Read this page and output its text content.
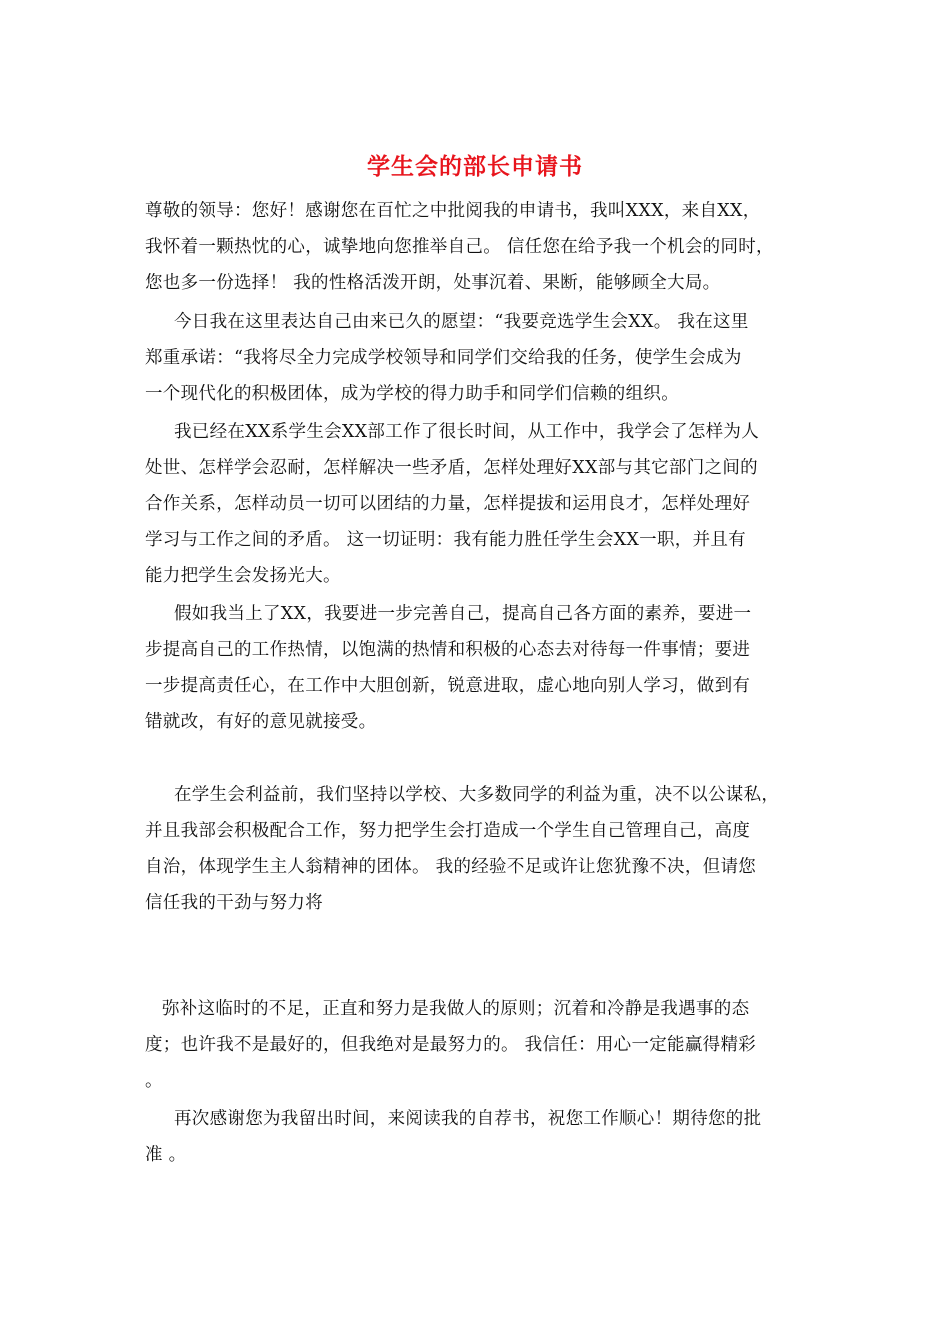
学生会的部长申请书
尊敬的领导：您好！感谢您在百忙之中批阅我的申请书，我叫XXX，来自XX，
我怀着一颗热忱的心，诚挚地向您推举自己。 信任您在给予我一个机会的同时，
您也多一份选择！ 我的性格活泼开朗，处事沉着、果断，能够顾全大局。
今日我在这里表达自己由来已久的愿望：“我要竞选学生会XX。 我在这里
郑重承诺：“我将尽全力完成学校领导和同学们交给我的任务，使学生会成为
一个现代化的积极团体，成为学校的得力助手和同学们信赖的组织。
我已经在XX系学生会XX部工作了很长时间，从工作中，我学会了怎样为人
处世、怎样学会忍耐，怎样解决一些矛盾，怎样处理好XX部与其它部门之间的
合作关系，怎样动员一切可以团结的力量，怎样提拔和运用良才，怎样处理好
学习与工作之间的矛盾。 这一切证明：我有能力胜任学生会XX一职，并且有
能力把学生会发扬光大。
假如我当上了XX，我要进一步完善自己，提高自己各方面的素养，要进一
步提高自己的工作热情，以饱满的热情和积极的心态去对待每一件事情；要进
一步提高责任心，在工作中大胆创新，锐意进取，虚心地向别人学习，做到有
错就改，有好的意见就接受。
在学生会利益前，我们坚持以学校、大多数同学的利益为重，决不以公谋私，
并且我部会积极配合工作，努力把学生会打造成一个学生自己管理自己，高度
自治，体现学生主人翁精神的团体。 我的经验不足或许让您犹豫不决，但请您
信任我的干劲与努力将
弥补这临时的不足，正直和努力是我做人的原则；沉着和冷静是我遇事的态
度；也许我不是最好的，但我绝对是最努力的。 我信任：用心一定能赢得精彩
。
再次感谢您为我留出时间，来阅读我的自荐书，祝您工作顺心！期待您的批
准 。
